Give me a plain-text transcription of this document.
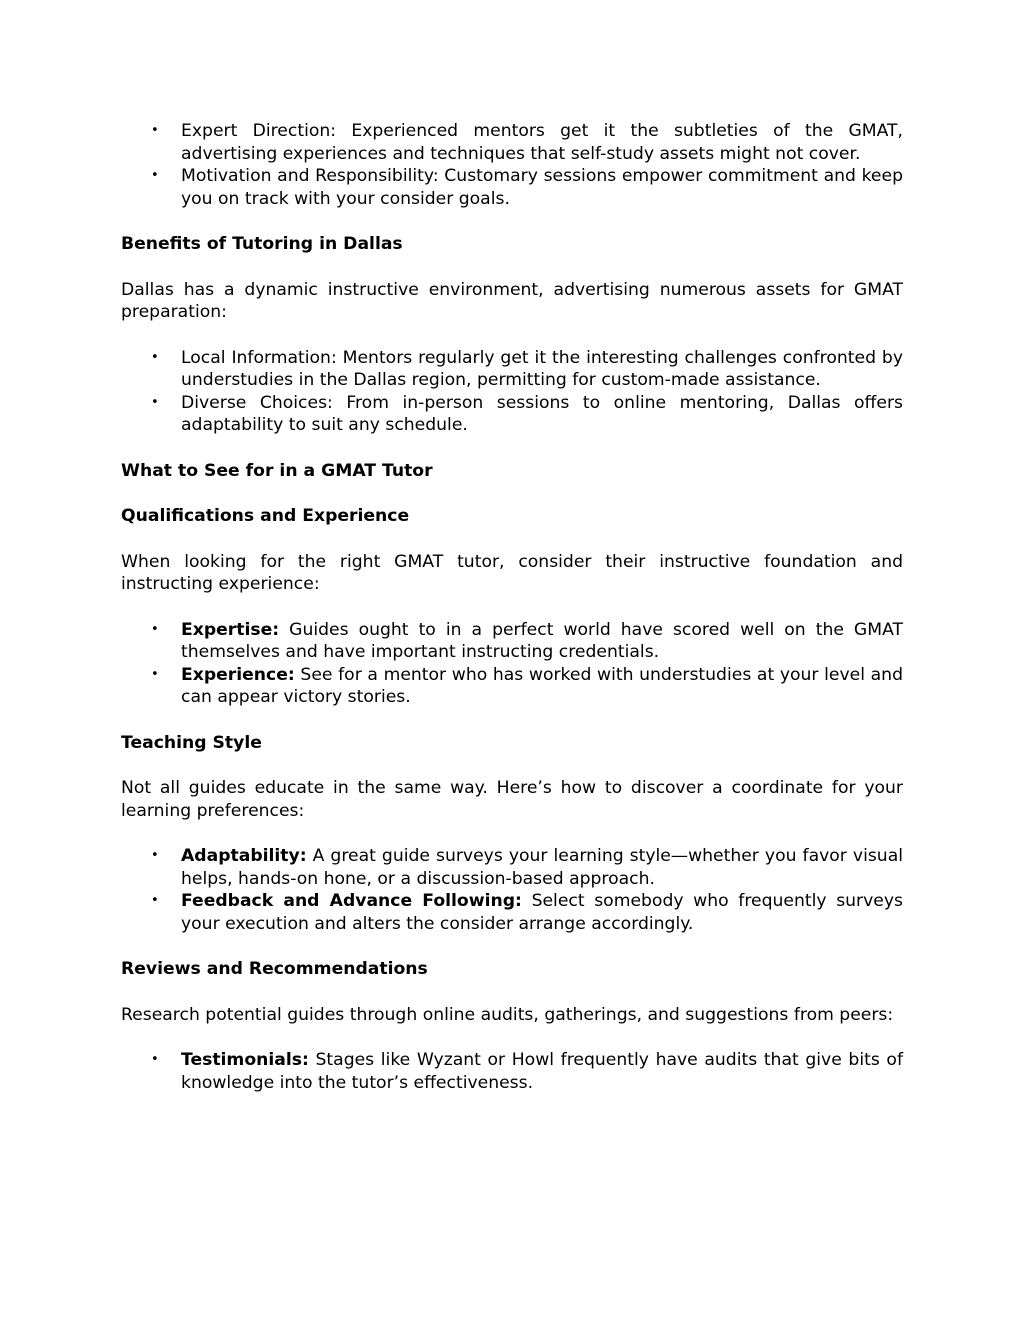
• Expert Direction: Experienced mentors get it the subtleties of the GMAT, advertising experiences and techniques that self-study assets might not cover.
• Motivation and Responsibility: Customary sessions empower commitment and keep you on track with your consider goals.
Benefits of Tutoring in Dallas

Dallas has a dynamic instructive environment, advertising numerous assets for GMAT preparation:

• Local Information: Mentors regularly get it the interesting challenges confronted by understudies in the Dallas region, permitting for custom-made assistance.
• Diverse Choices: From in-person sessions to online mentoring, Dallas offers adaptability to suit any schedule.
What to See for in a GMAT Tutor
Qualifications and Experience

When looking for the right GMAT tutor, consider their instructive foundation and instructing experience:

• Expertise: Guides ought to in a perfect world have scored well on the GMAT themselves and have important instructing credentials.
• Experience: See for a mentor who has worked with understudies at your level and can appear victory stories.
Teaching Style

Not all guides educate in the same way. Here’s how to discover a coordinate for your learning preferences:

• Adaptability: A great guide surveys your learning style—whether you favor visual helps, hands-on hone, or a discussion-based approach.
• Feedback and Advance Following: Select somebody who frequently surveys your execution and alters the consider arrange accordingly.
Reviews and Recommendations

Research potential guides through online audits, gatherings, and suggestions from peers:

• Testimonials: Stages like Wyzant or Howl frequently have audits that give bits of knowledge into the tutor’s effectiveness.
